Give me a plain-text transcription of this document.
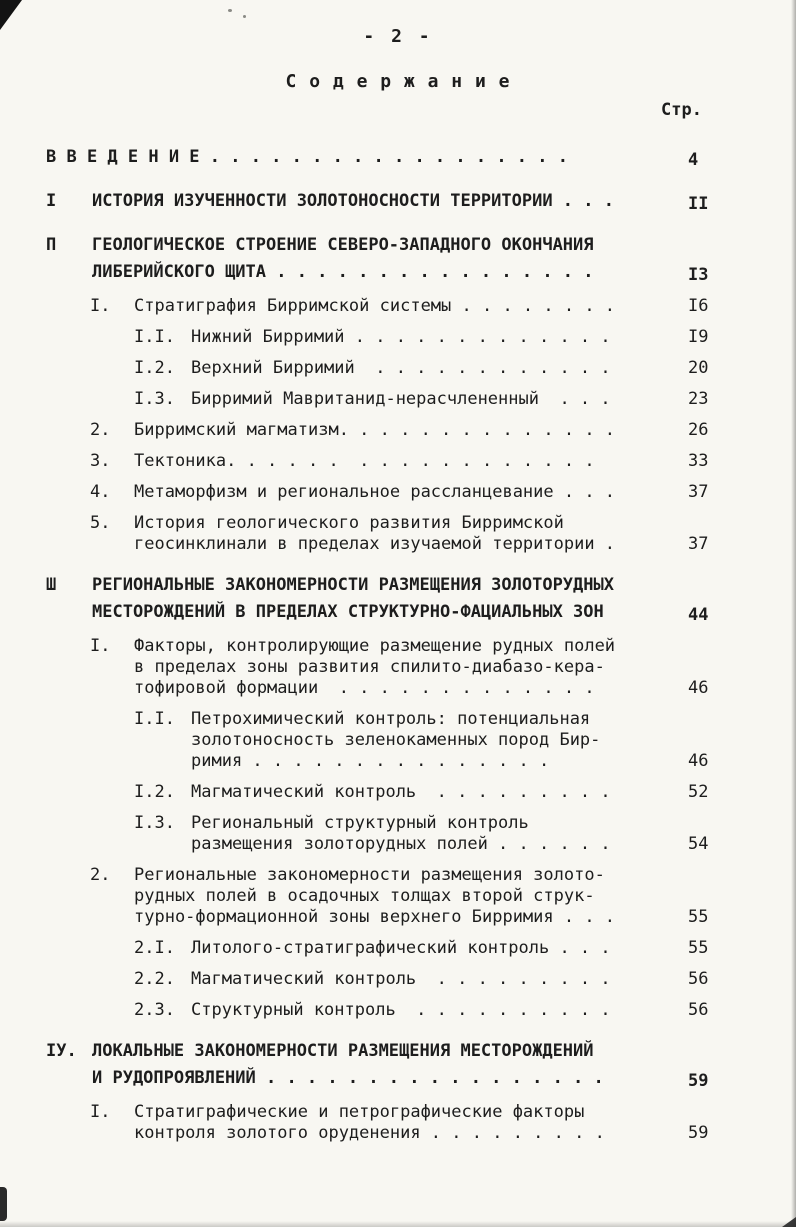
- 2 -
С о д е р ж а н и е
Стр.
В В Е Д Е Н И Е . . . . . . . . . . . . . . . . . .	4
I	ИСТОРИЯ ИЗУЧЕННОСТИ ЗОЛОТОНОСНОСТИ ТЕРРИТОРИИ . . .	II
П	ГЕОЛОГИЧЕСКОЕ СТРОЕНИЕ СЕВЕРО-ЗАПАДНОГО ОКОНЧАНИЯ
ЛИБЕРИЙСКОГО ЩИТА . . . . . . . . . . . . . . . .	I3
I.	Стратиграфия Бирримской системы . . . . . . . .	I6
I.I. Нижний Бирримий . . . . . . . . . . . . .	I9
I.2. Верхний Бирримий  . . . . . . . . . . . .	20
I.3. Бирримий Мавританид-нерасчлененный  . . .	23
2.	Бирримский магматизм. . . . . . . . . . . . . .	26
3.	Тектоника. . . . . .  . . . . . . . . . . . .	33
4.	Метаморфизм и региональное рассланцевание . . .	37
5.	История геологического развития Бирримской
геосинклинали в пределах изучаемой территории .	37
Ш	РЕГИОНАЛЬНЫЕ ЗАКОНОМЕРНОСТИ РАЗМЕЩЕНИЯ ЗОЛОТОРУДНЫХ
МЕСТОРОЖДЕНИЙ В ПРЕДЕЛАХ СТРУКТУРНО-ФАЦИАЛЬНЫХ ЗОН	44
I.	Факторы, контролирующие размещение рудных полей
в пределах зоны развития спилито-диабазо-кера-
тофировой формации  . . . . . . . . . . . . .	46
I.I. Петрохимический контроль: потенциальная
золотоносность зеленокаменных пород Бир-
римия . . . . . . . . . . . . . . .	46
I.2. Магматический контроль  . . . . . . . . .	52
I.3. Региональный структурный контроль
размещения золоторудных полей . . . . . .	54
2.	Региональные закономерности размещения золото-
рудных полей в осадочных толщах второй струк-
турно-формационной зоны верхнего Бирримия . . .	55
2.I. Литолого-стратиграфический контроль . . .	55
2.2. Магматический контроль  . . . . . . . . .	56
2.3. Структурный контроль  . . . . . . . . . .	56
IУ. ЛОКАЛЬНЫЕ ЗАКОНОМЕРНОСТИ РАЗМЕЩЕНИЯ МЕСТОРОЖДЕНИЙ
И РУДОПРОЯВЛЕНИЙ . . . . . . . . . . . . . . . . .	59
I.	Стратиграфические и петрографические факторы
контроля золотого оруденения . . . . . . . . .	59
